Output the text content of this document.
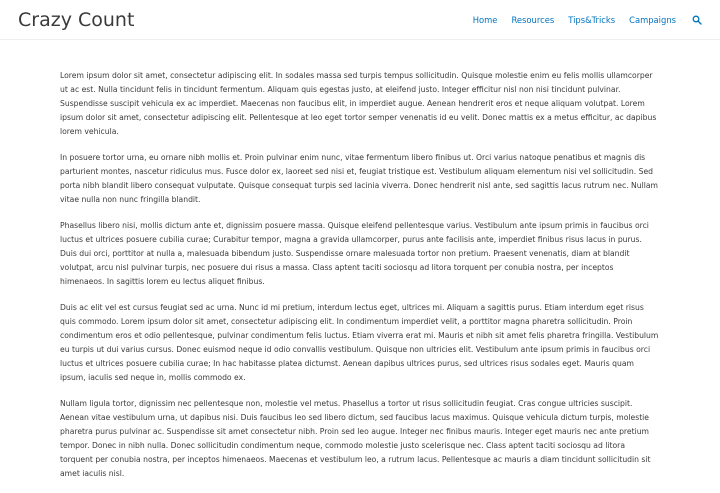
Crazy Count	Home Resources Tips&Tricks Campaigns

Lorem ipsum dolor sit amet, consectetur adipiscing elit. In sodales massa sed turpis tempus sollicitudin. Quisque molestie enim eu felis mollis ullamcorper ut ac est. Nulla tincidunt felis in tincidunt fermentum. Aliquam quis egestas justo, at eleifend justo. Integer efficitur nisl non nisi tincidunt pulvinar. Suspendisse suscipit vehicula ex ac imperdiet. Maecenas non faucibus elit, in imperdiet augue. Aenean hendrerit eros et neque aliquam volutpat. Lorem ipsum dolor sit amet, consectetur adipiscing elit. Pellentesque at leo eget tortor semper venenatis id eu velit. Donec mattis ex a metus efficitur, ac dapibus lorem vehicula.

In posuere tortor urna, eu ornare nibh mollis et. Proin pulvinar enim nunc, vitae fermentum libero finibus ut. Orci varius natoque penatibus et magnis dis parturient montes, nascetur ridiculus mus. Fusce dolor ex, laoreet sed nisi et, feugiat tristique est. Vestibulum aliquam elementum nisi vel sollicitudin. Sed porta nibh blandit libero consequat vulputate. Quisque consequat turpis sed lacinia viverra. Donec hendrerit nisl ante, sed sagittis lacus rutrum nec. Nullam vitae nulla non nunc fringilla blandit.

Phasellus libero nisi, mollis dictum ante et, dignissim posuere massa. Quisque eleifend pellentesque varius. Vestibulum ante ipsum primis in faucibus orci luctus et ultrices posuere cubilia curae; Curabitur tempor, magna a gravida ullamcorper, purus ante facilisis ante, imperdiet finibus risus lacus in purus. Duis dui orci, porttitor at nulla a, malesuada bibendum justo. Suspendisse ornare malesuada tortor non pretium. Praesent venenatis, diam at blandit volutpat, arcu nisl pulvinar turpis, nec posuere dui risus a massa. Class aptent taciti sociosqu ad litora torquent per conubia nostra, per inceptos himenaeos. In sagittis lorem eu lectus aliquet finibus.

Duis ac elit vel est cursus feugiat sed ac urna. Nunc id mi pretium, interdum lectus eget, ultrices mi. Aliquam a sagittis purus. Etiam interdum eget risus quis commodo. Lorem ipsum dolor sit amet, consectetur adipiscing elit. In condimentum imperdiet velit, a porttitor magna pharetra sollicitudin. Proin condimentum eros et odio pellentesque, pulvinar condimentum felis luctus. Etiam viverra erat mi. Mauris et nibh sit amet felis pharetra fringilla. Vestibulum eu turpis ut dui varius cursus. Donec euismod neque id odio convallis vestibulum. Quisque non ultricies elit. Vestibulum ante ipsum primis in faucibus orci luctus et ultrices posuere cubilia curae; In hac habitasse platea dictumst. Aenean dapibus ultrices purus, sed ultrices risus sodales eget. Mauris quam ipsum, iaculis sed neque in, mollis commodo ex.

Nullam ligula tortor, dignissim nec pellentesque non, molestie vel metus. Phasellus a tortor ut risus sollicitudin feugiat. Cras congue ultricies suscipit. Aenean vitae vestibulum urna, ut dapibus nisi. Duis faucibus leo sed libero dictum, sed faucibus lacus maximus. Quisque vehicula dictum turpis, molestie pharetra purus pulvinar ac. Suspendisse sit amet consectetur nibh. Proin sed leo augue. Integer nec finibus mauris. Integer eget mauris nec ante pretium tempor. Donec in nibh nulla. Donec sollicitudin condimentum neque, commodo molestie justo scelerisque nec. Class aptent taciti sociosqu ad litora torquent per conubia nostra, per inceptos himenaeos. Maecenas et vestibulum leo, a rutrum lacus. Pellentesque ac mauris a diam tincidunt sollicitudin sit amet iaculis nisl.
